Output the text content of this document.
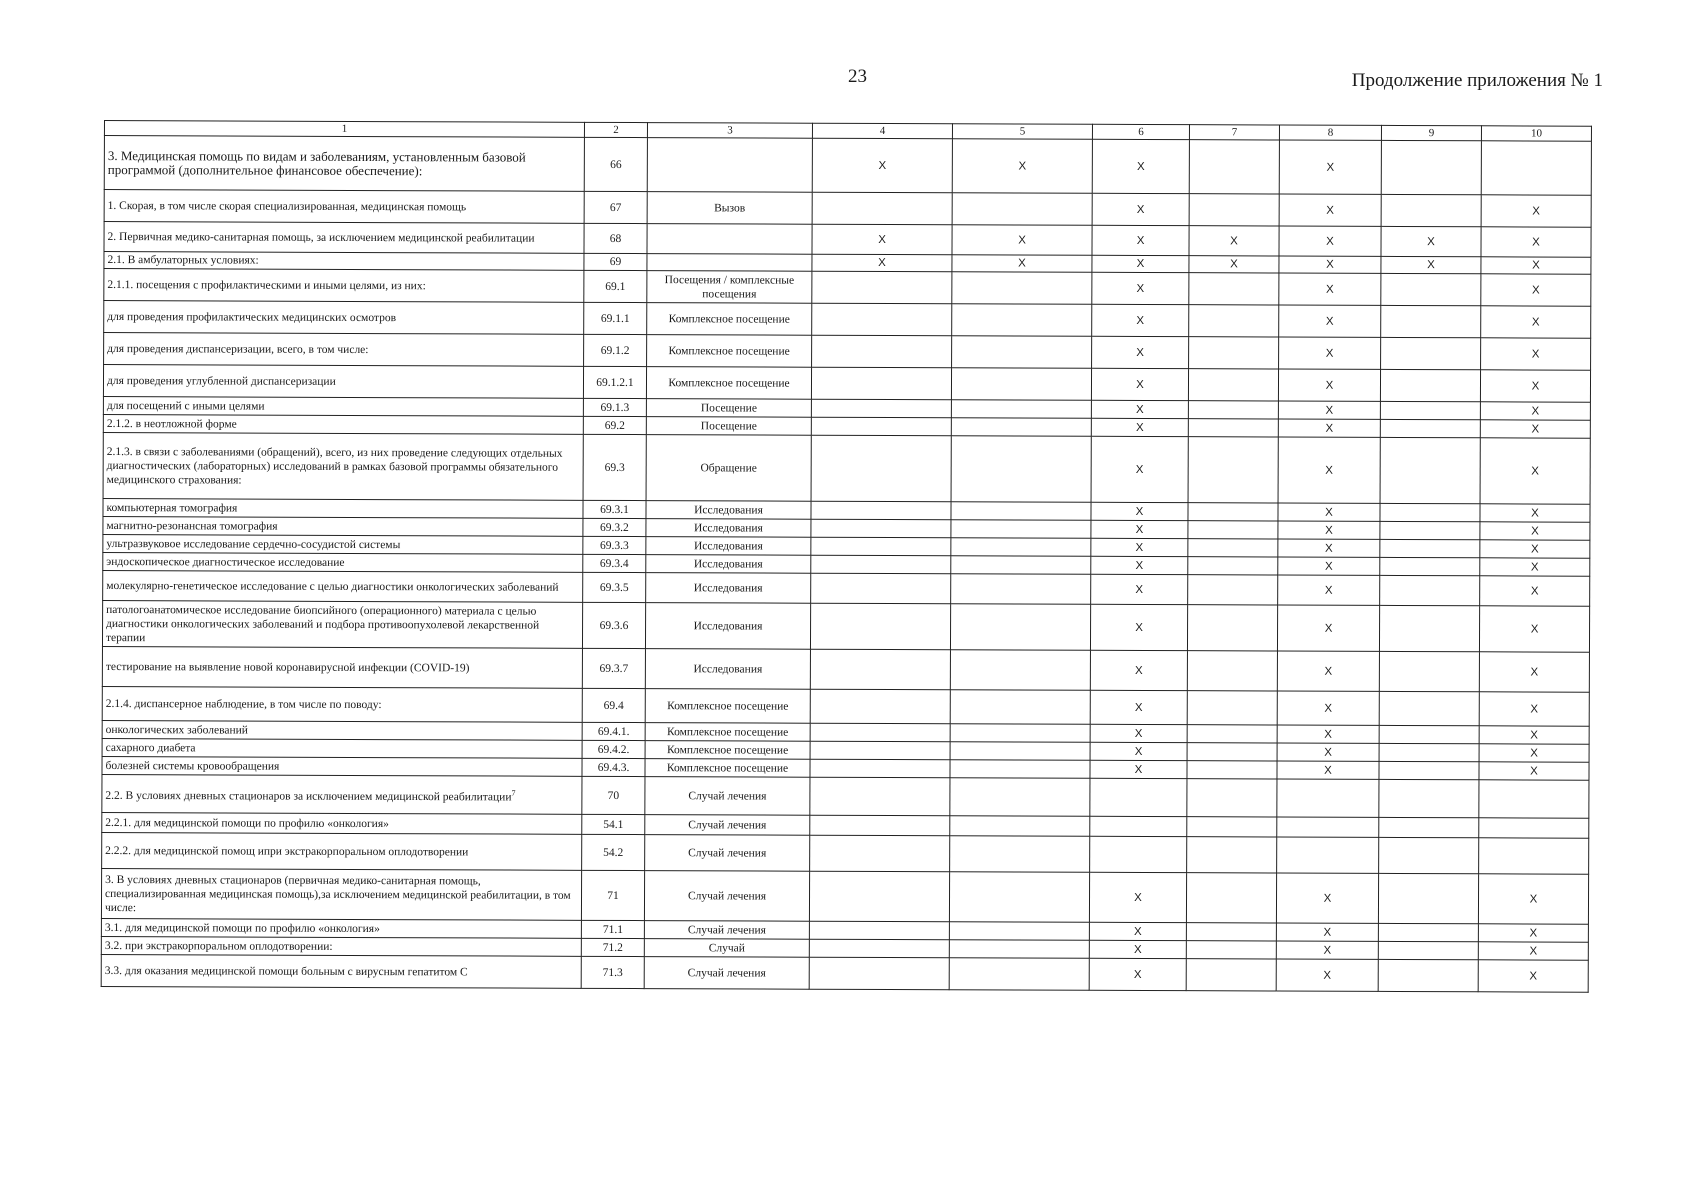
23	Продолжение приложения № 1
1	2	3	4	5	6	7	8	9	10
3. Медицинская помощь по видам и заболеваниям, установленным базовой программой (дополнительное финансовое обеспечение):	66		X	X	X		X		
1. Скорая, в том числе скорая специализированная, медицинская помощь	67	Вызов			X		X		X
2. Первичная медико-санитарная помощь, за исключением медицинской реабилитации	68		X	X	X	X	X	X	X
2.1. В амбулаторных условиях:	69		X	X	X	X	X	X	X
2.1.1. посещения с профилактическими и иными целями, из них:	69.1	Посещения / комплексные посещения			X		X		X
для проведения профилактических медицинских осмотров	69.1.1	Комплексное посещение			X		X		X
для проведения диспансеризации, всего, в том числе:	69.1.2	Комплексное посещение			X		X		X
для проведения углубленной диспансеризации	69.1.2.1	Комплексное посещение			X		X		X
для посещений с иными целями	69.1.3	Посещение			X		X		X
2.1.2. в неотложной форме	69.2	Посещение			X		X		X
2.1.3. в связи с заболеваниями (обращений), всего, из них проведение следующих отдельных диагностических (лабораторных) исследований в рамках базовой программы обязательного медицинского страхования:	69.3	Обращение			X		X		X
компьютерная томография	69.3.1	Исследования			X		X		X
магнитно-резонансная томография	69.3.2	Исследования			X		X		X
ультразвуковое исследование сердечно-сосудистой системы	69.3.3	Исследования			X		X		X
эндоскопическое диагностическое исследование	69.3.4	Исследования			X		X		X
молекулярно-генетическое исследование с целью диагностики онкологических заболеваний	69.3.5	Исследования			X		X		X
патологоанатомическое исследование биопсийного (операционного) материала с целью диагностики онкологических заболеваний и подбора противоопухолевой лекарственной терапии	69.3.6	Исследования			X		X		X
тестирование на выявление новой коронавирусной инфекции (COVID-19)	69.3.7	Исследования			X		X		X
2.1.4. диспансерное наблюдение, в том числе по поводу:	69.4	Комплексное посещение			X		X		X
онкологических заболеваний	69.4.1.	Комплексное посещение			X		X		X
сахарного диабета	69.4.2.	Комплексное посещение			X		X		X
болезней системы кровообращения	69.4.3.	Комплексное посещение			X		X		X
2.2. В условиях дневных стационаров за исключением медицинской реабилитации$^7$	70	Случай лечения							
2.2.1. для медицинской помощи по профилю «онкология»	54.1	Случай лечения							
2.2.2. для медицинской помощ ипри экстракорпоральном оплодотворении	54.2	Случай лечения							
3. В условиях дневных стационаров (первичная медико-санитарная помощь, специализированная медицинская помощь),за исключением медицинской реабилитации, в том числе:	71	Случай лечения			X		X		X
3.1. для медицинской помощи по профилю «онкология»	71.1	Случай лечения			X		X		X
3.2. при экстракорпоральном оплодотворении:	71.2	Случай			X		X		X
3.3. для оказания медицинской помощи больным с вирусным гепатитом С	71.3	Случай лечения			X		X		X
